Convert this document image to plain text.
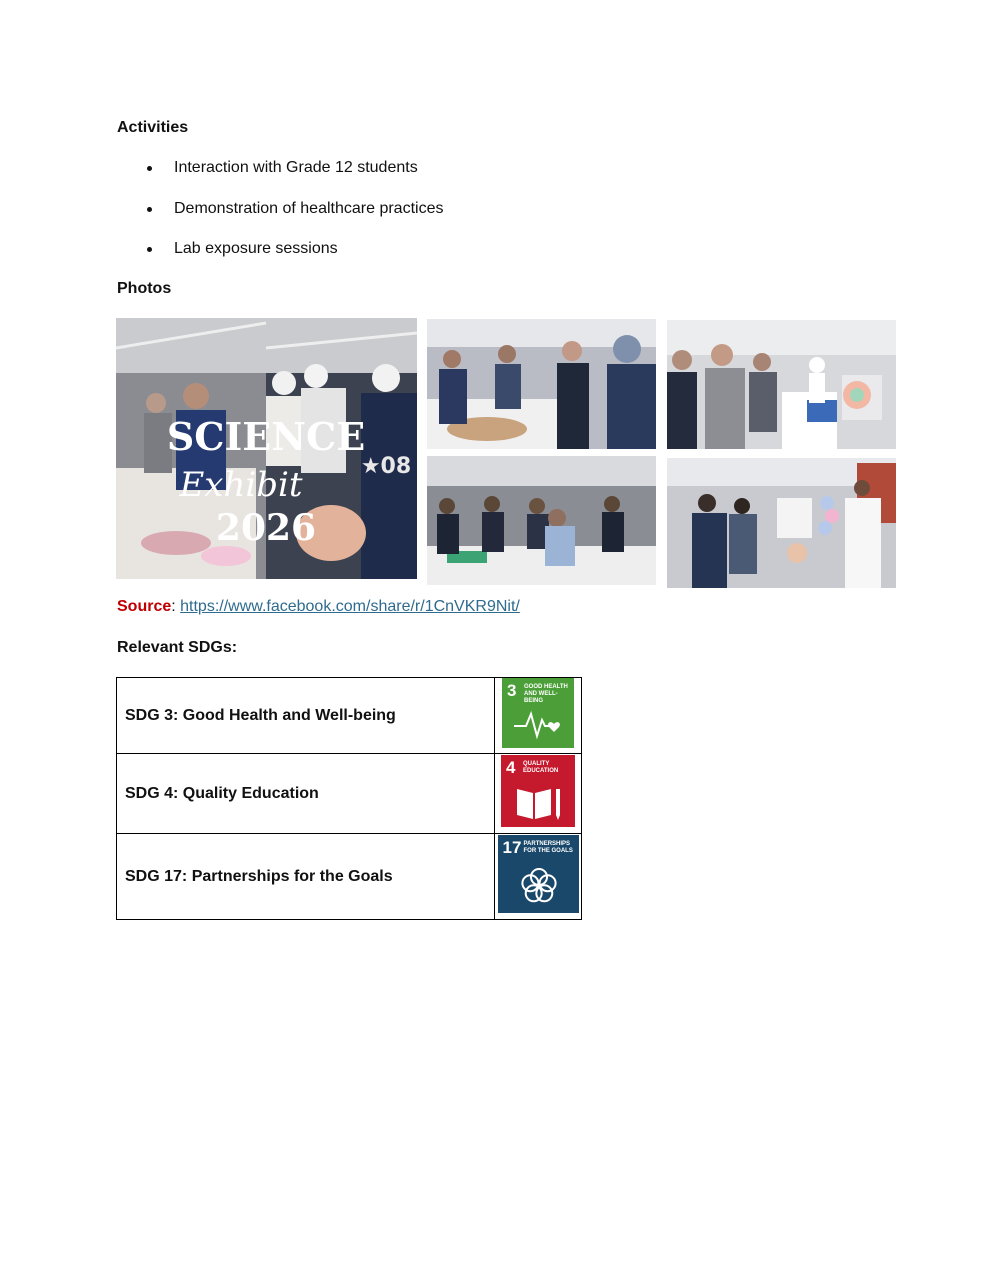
Activities
Interaction with Grade 12 students
Demonstration of healthcare practices
Lab exposure sessions
Photos
SCIENCE
Exhibit
2026
★08
Source: https://www.facebook.com/share/r/1CnVKR9Nit/
Relevant SDGs:
SDG 3: Good Health and Well-being	3 GOOD HEALTH AND WELL-BEING

SDG 4: Quality Education	4 QUALITY EDUCATION

SDG 17: Partnerships for the Goals	17 PARTNERSHIPS FOR THE GOALS
